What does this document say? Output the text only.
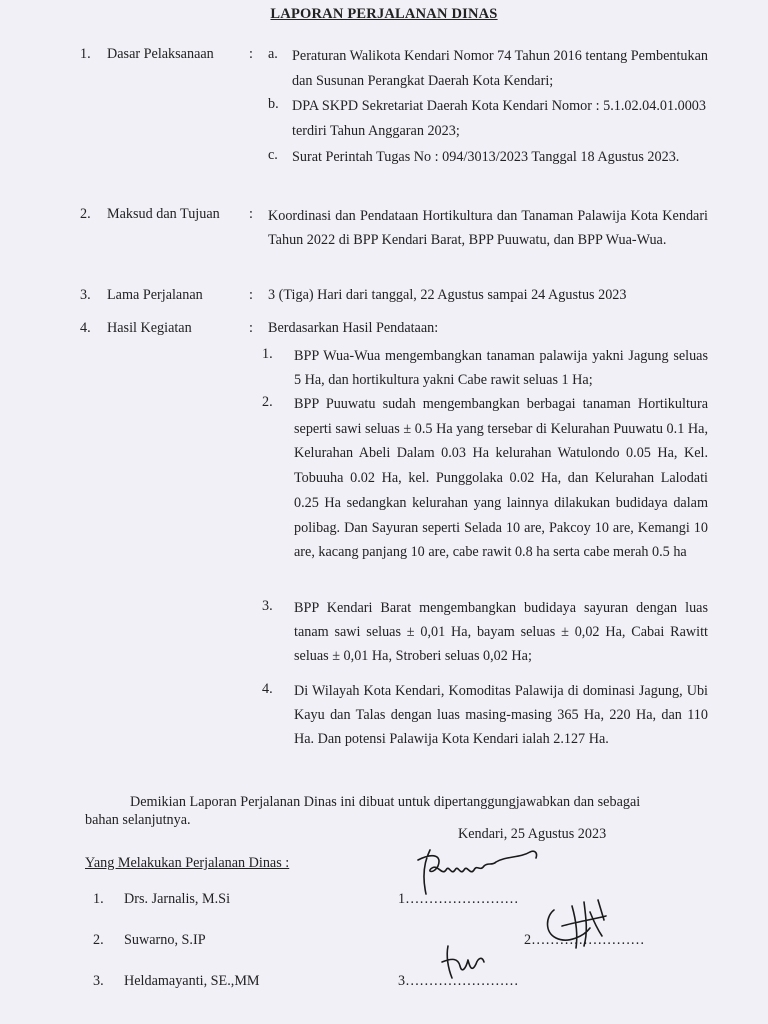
LAPORAN PERJALANAN DINAS
1. Dasar Pelaksanaan : a. Peraturan Walikota Kendari Nomor 74 Tahun 2016 tentang Pembentukan dan Susunan Perangkat Daerah Kota Kendari;
b. DPA SKPD Sekretariat Daerah Kota Kendari Nomor : 5.1.02.04.01.0003 terdiri Tahun Anggaran 2023;
c. Surat Perintah Tugas No : 094/3013/2023 Tanggal 18 Agustus 2023.
2. Maksud dan Tujuan : Koordinasi dan Pendataan Hortikultura dan Tanaman Palawija Kota Kendari Tahun 2022 di BPP Kendari Barat, BPP Puuwatu, dan BPP Wua-Wua.
3. Lama Perjalanan	: 3 (Tiga) Hari dari tanggal, 22 Agustus sampai 24 Agustus 2023
4. Hasil Kegiatan	: Berdasarkan Hasil Pendataan:
1. BPP Wua-Wua mengembangkan tanaman palawija yakni Jagung seluas 5 Ha, dan hortikultura yakni Cabe rawit seluas 1 Ha;
2. BPP Puuwatu sudah mengembangkan berbagai tanaman Hortikultura seperti sawi seluas ± 0.5 Ha yang tersebar di Kelurahan Puuwatu 0.1 Ha, Kelurahan Abeli Dalam 0.03 Ha kelurahan Watulondo 0.05 Ha, Kel. Tobuuha 0.02 Ha, kel. Punggolaka 0.02 Ha, dan Kelurahan Lalodati 0.25 Ha sedangkan kelurahan yang lainnya dilakukan budidaya dalam polibag. Dan Sayuran seperti Selada 10 are, Pakcoy 10 are, Kemangi 10 are, kacang panjang 10 are, cabe rawit 0.8 ha serta cabe merah 0.5 ha
3. BPP Kendari Barat mengembangkan budidaya sayuran dengan luas tanam sawi seluas ± 0,01 Ha, bayam seluas ± 0,02 Ha, Cabai Rawitt seluas ± 0,01 Ha, Stroberi seluas 0,02 Ha;
4. Di Wilayah Kota Kendari, Komoditas Palawija di dominasi Jagung, Ubi Kayu dan Talas dengan luas masing-masing 365 Ha, 220 Ha, dan 110 Ha. Dan potensi Palawija Kota Kendari ialah 2.127 Ha.
Demikian Laporan Perjalanan Dinas ini dibuat untuk dipertanggungjawabkan dan sebagai
bahan selanjutnya.
Kendari, 25 Agustus 2023
Yang Melakukan Perjalanan Dinas :
1. Drs. Jarnalis, M.Si	1……………………
2. Suwarno, S.IP	2……………………
3. Heldamayanti, SE.,MM	3……………………
